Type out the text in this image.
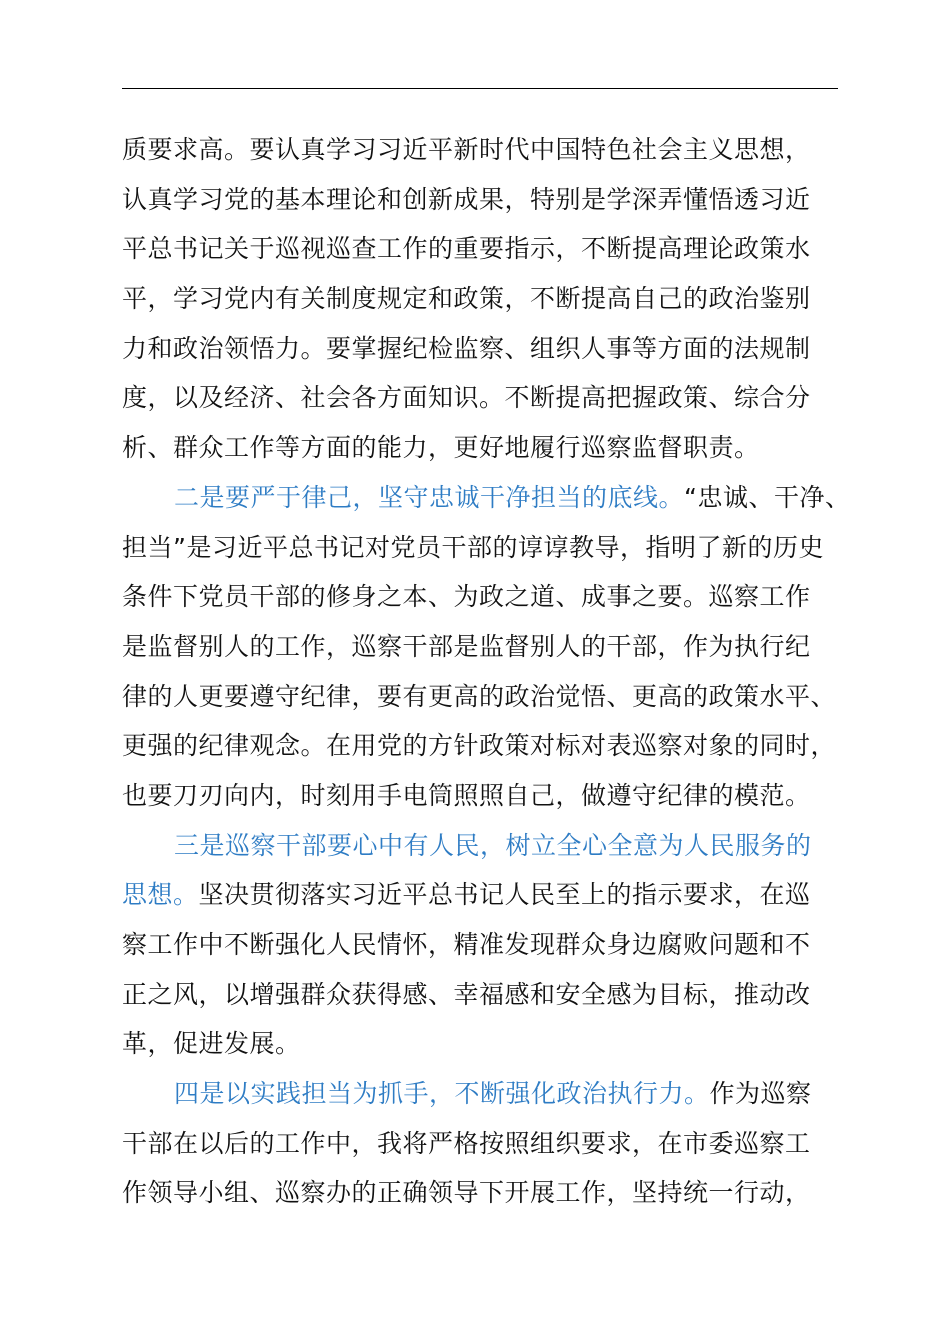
质要求高。要认真学习习近平新时代中国特色社会主义思想，
认真学习党的基本理论和创新成果，特别是学深弄懂悟透习近
平总书记关于巡视巡查工作的重要指示，不断提高理论政策水
平，学习党内有关制度规定和政策，不断提高自己的政治鉴别
力和政治领悟力。要掌握纪检监察、组织人事等方面的法规制
度，以及经济、社会各方面知识。不断提高把握政策、综合分
析、群众工作等方面的能力，更好地履行巡察监督职责。
二是要严于律己，坚守忠诚干净担当的底线。“忠诚、干净、
担当”是习近平总书记对党员干部的谆谆教导，指明了新的历史
条件下党员干部的修身之本、为政之道、成事之要。巡察工作
是监督别人的工作，巡察干部是监督别人的干部，作为执行纪
律的人更要遵守纪律，要有更高的政治觉悟、更高的政策水平、
更强的纪律观念。在用党的方针政策对标对表巡察对象的同时，
也要刀刃向内，时刻用手电筒照照自己，做遵守纪律的模范。
三是巡察干部要心中有人民，树立全心全意为人民服务的
思想。坚决贯彻落实习近平总书记人民至上的指示要求，在巡
察工作中不断强化人民情怀，精准发现群众身边腐败问题和不
正之风，以增强群众获得感、幸福感和安全感为目标，推动改
革，促进发展。
四是以实践担当为抓手，不断强化政治执行力。作为巡察
干部在以后的工作中，我将严格按照组织要求，在市委巡察工
作领导小组、巡察办的正确领导下开展工作，坚持统一行动，
